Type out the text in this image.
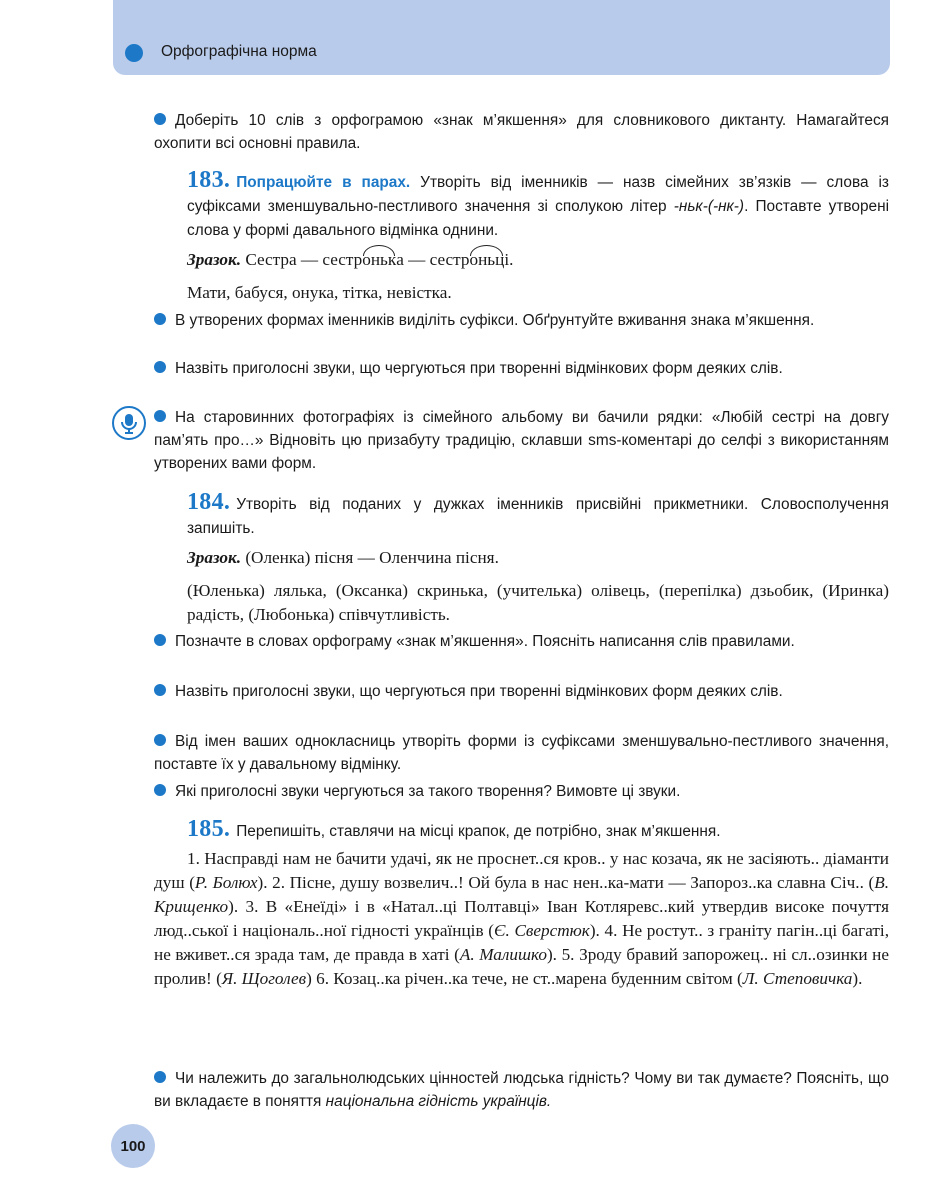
Орфографічна норма

Доберіть 10 слів з орфограмою «знак м’якшення» для словникового диктанту. Намагайтеся охопити всі основні правила.

183. Попрацюйте в парах. Утворіть від іменників — назв сімейних зв’язків — слова із суфіксами зменшувально-пестливого значення зі сполукою літер -ньк-(-нк-). Поставте утворені слова у формі давального відмінка однини.

Зразок. Сестра — сестронька — сестроньці.

Мати, бабуся, онука, тітка, невістка.

В утворених формах іменників виділіть суфікси. Обґрунтуйте вживання знака м’якшення.

Назвіть приголосні звуки, що чергуються при творенні відмінкових форм деяких слів.

На старовинних фотографіях із сімейного альбому ви бачили рядки: «Любій сестрі на довгу пам’ять про…» Відновіть цю призабуту традицію, склавши sms-коментарі до селфі з використанням утворених вами форм.

184. Утворіть від поданих у дужках іменників присвійні прикметники. Словосполучення запишіть.

Зразок. (Оленка) пісня — Оленчина пісня.

(Юленька) лялька, (Оксанка) скринька, (учителька) олівець, (перепілка) дзьобик, (Иринка) радість, (Любонька) співчутливість.

Позначте в словах орфограму «знак м’якшення». Поясніть написання слів правилами.

Назвіть приголосні звуки, що чергуються при творенні відмінкових форм деяких слів.

Від імен ваших однокласниць утворіть форми із суфіксами зменшувально-пестливого значення, поставте їх у давальному відмінку.

Які приголосні звуки чергуються за такого творення? Вимовте ці звуки.

185. Перепишіть, ставлячи на місці крапок, де потрібно, знак м’якшення.

1. Насправді нам не бачити удачі, як не проснет..ся кров.. у нас козача, як не засіяють.. діаманти душ (Р. Болюх). 2. Пісне, душу возвелич..! Ой була в нас нен..ка-мати — Запороз..ка славна Січ.. (В. Крищенко). 3. В «Енеїді» і в «Натал..ці Полтавці» Іван Котляревс..кий утвердив високе почуття люд..ської і національ..ної гідності українців (Є. Сверстюк). 4. Не ростут.. з граніту пагін..ці багаті, не вживет..ся зрада там, де правда в хаті (А. Малишко). 5. Зроду бравий запорожец.. ні сл..озинки не пролив! (Я. Щоголев) 6. Козац..ка річен..ка тече, не ст..марена буденним світом (Л. Степовичка).

Чи належить до загальнолюдських цінностей людська гідність? Чому ви так думаєте? Поясніть, що ви вкладаєте в поняття національна гідність українців.

100
